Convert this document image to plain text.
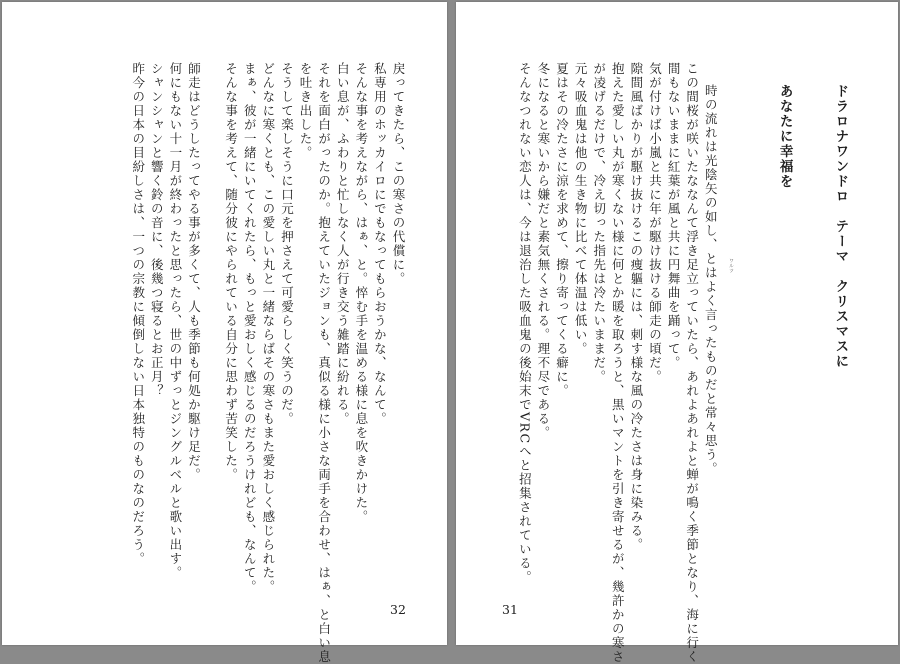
戻ってきたら、この寒さの代償に。
私専用のホッカイロにでもなってもらおうかな、なんて。
そんな事を考えながら、はぁ、と。悴む手を温める様に息を吹きかけた。
白い息が、ふわりと忙しなく人が行き交う雑踏に紛れる。
それを面白がったのか。抱えていたジョンも、真似る様に小さな両手を合わせ、はぁ、と白い息
を吐き出した。
そうして楽しそうに口元を押さえて可愛らしく笑うのだ。
どんなに寒くとも、この愛しい丸と一緒ならばその寒さもまた愛おしく感じられた。
まぁ、彼が一緒にいてくれたら、もっと愛おしく感じるのだろうけれども、なんて。
そんな事を考えて、随分彼にやられている自分に思わず苦笑した。

師走はどうしたってやる事が多くて、人も季節も何処か駆け足だ。
何にもない十一月が終わったと思ったら、世の中ずっとジングルベルと歌い出す。
シャンシャンと響く鈴の音に、後幾つ寝るとお正月？
昨今の日本の目紛しさは、一つの宗教に傾倒しない日本独特のものなのだろう。
32

ドラロナワンドロ　テーマ　クリスマスに

あなたに幸福を

時の流れは光陰矢の如し、とはよく言ったものだと常々思う。
この間桜が咲いたななんて浮き足立っていたら、あれよあれよと蝉が鳴く季節となり、海に行く
間もないままに紅葉が風と共に円舞曲を踊って。
気が付けば小嵐と共に年が駆け抜ける師走の頃だ。
隙間風ばかりが駆け抜けるこの痩軀には、刺す様な風の冷たさは身に染みる。
抱えた愛しい丸が寒くない様に何とか暖を取ろうと、黒いマントを引き寄せるが、幾許かの寒さ
が凌げるだけで、冷え切った指先は冷たいままだ。
元々吸血鬼は他の生き物に比べて体温は低い。
夏はその冷たさに涼を求めて、擦り寄ってくる癖に。
冬になると寒いから嫌だと素気無くされる。理不尽である。
そんなつれない恋人は、今は退治した吸血鬼の後始末でVRCへと招集されている。
	ワルツ
31
